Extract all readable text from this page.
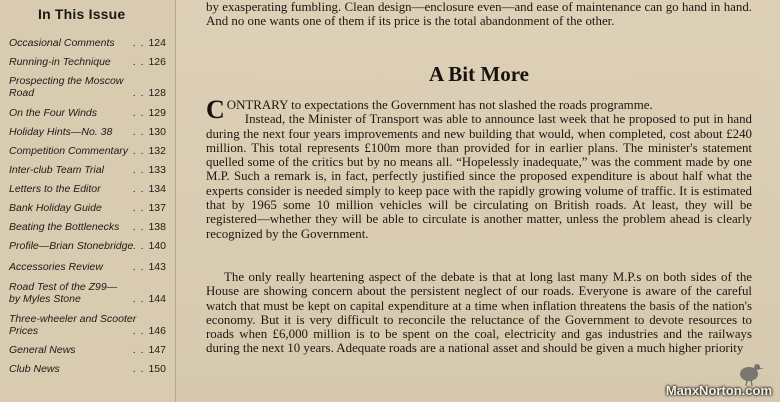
In This Issue
Occasional Comments	. . 124
Running-in Technique	. . 126
Prospecting the Moscow Road	. . 128
On the Four Winds	. . 129
Holiday Hints—No. 38	. . 130
Competition Commentary	. . 132
Inter-club Team Trial	. . 133
Letters to the Editor	. . 134
Bank Holiday Guide	. . 137
Beating the Bottlenecks	. . 138
Profile—Brian Stonebridge	. . 140
Accessories Review	. . 143
Road Test of the Z99— by Myles Stone	. . 144
Three-wheeler and Scooter Prices	. . 146
General News	. . 147
Club News	. . 150

by exasperating fumbling. Clean design—enclosure even—and ease of maintenance can go hand in hand. And no one wants one of them if its price is the total abandonment of the other.

A Bit More

CONTRARY to expectations the Government has not slashed the roads programme.

Instead, the Minister of Transport was able to announce last week that he proposed to put in hand during the next four years improvements and new building that would, when completed, cost about £240 million. This total represents £100m more than provided for in earlier plans. The minister's statement quelled some of the critics but by no means all. “Hopelessly inadequate,” was the comment made by one M.P. Such a remark is, in fact, perfectly justified since the proposed expenditure is about half what the experts consider is needed simply to keep pace with the rapidly growing volume of traffic. It is estimated that by 1965 some 10 million vehicles will be circulating on British roads. At least, they will be registered—whether they will be able to circulate is another matter, unless the problem ahead is clearly recognized by the Government.

The only really heartening aspect of the debate is that at long last many M.P.s on both sides of the House are showing concern about the persistent neglect of our roads. Everyone is aware of the careful watch that must be kept on capital expenditure at a time when inflation threatens the basis of the nation's economy. But it is very difficult to reconcile the reluctance of the Government to devote resources to roads when £6,000 million is to be spent on the coal, electricity and gas industries and the railways during the next 10 years. Adequate roads are a national asset and should be given a much higher priority

ManxNorton.com
